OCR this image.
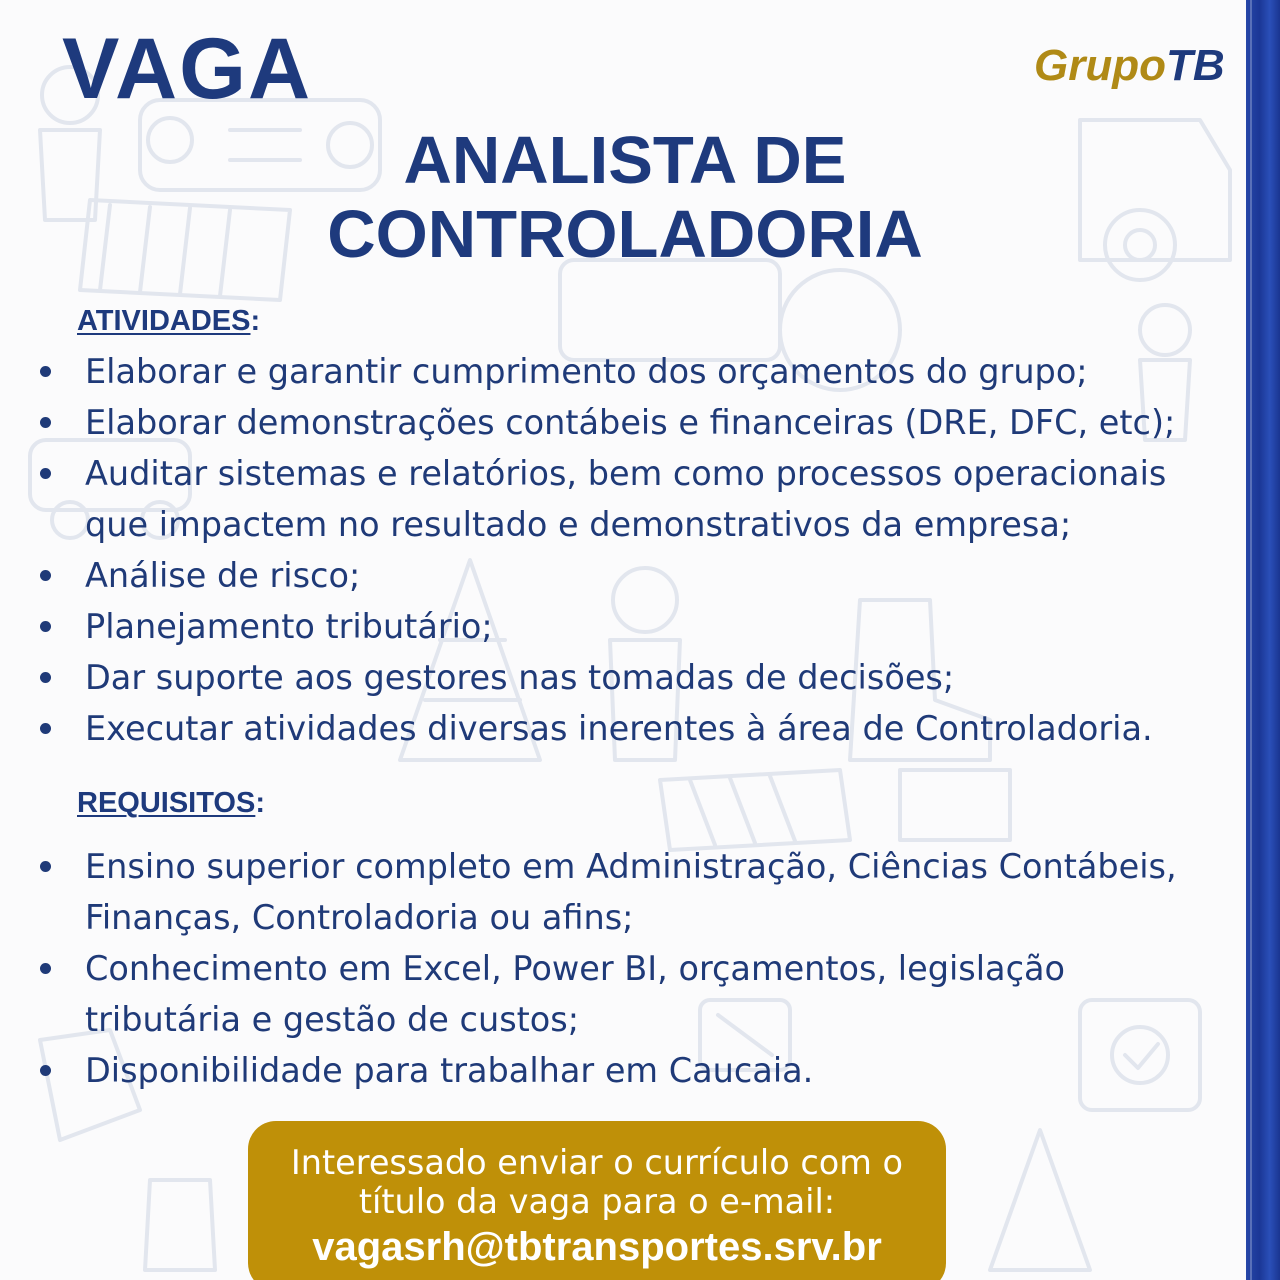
VAGA	GrupoTB
ANALISTA DE
CONTROLADORIA
ATIVIDADES:
Elaborar e garantir cumprimento dos orçamentos do grupo;
Elaborar demonstrações contábeis e financeiras (DRE, DFC, etc);
Auditar sistemas e relatórios, bem como processos operacionais
que impactem no resultado e demonstrativos da empresa;
Análise de risco;
Planejamento tributário;
Dar suporte aos gestores nas tomadas de decisões;
Executar atividades diversas inerentes à área de Controladoria.
REQUISITOS:
Ensino superior completo em Administração, Ciências Contábeis,
Finanças, Controladoria ou afins;
Conhecimento em Excel, Power BI, orçamentos, legislação
tributária e gestão de custos;
Disponibilidade para trabalhar em Caucaia.

Interessado enviar o currículo com o

título da vaga para o e-mail:

vagasrh@tbtransportes.srv.br
